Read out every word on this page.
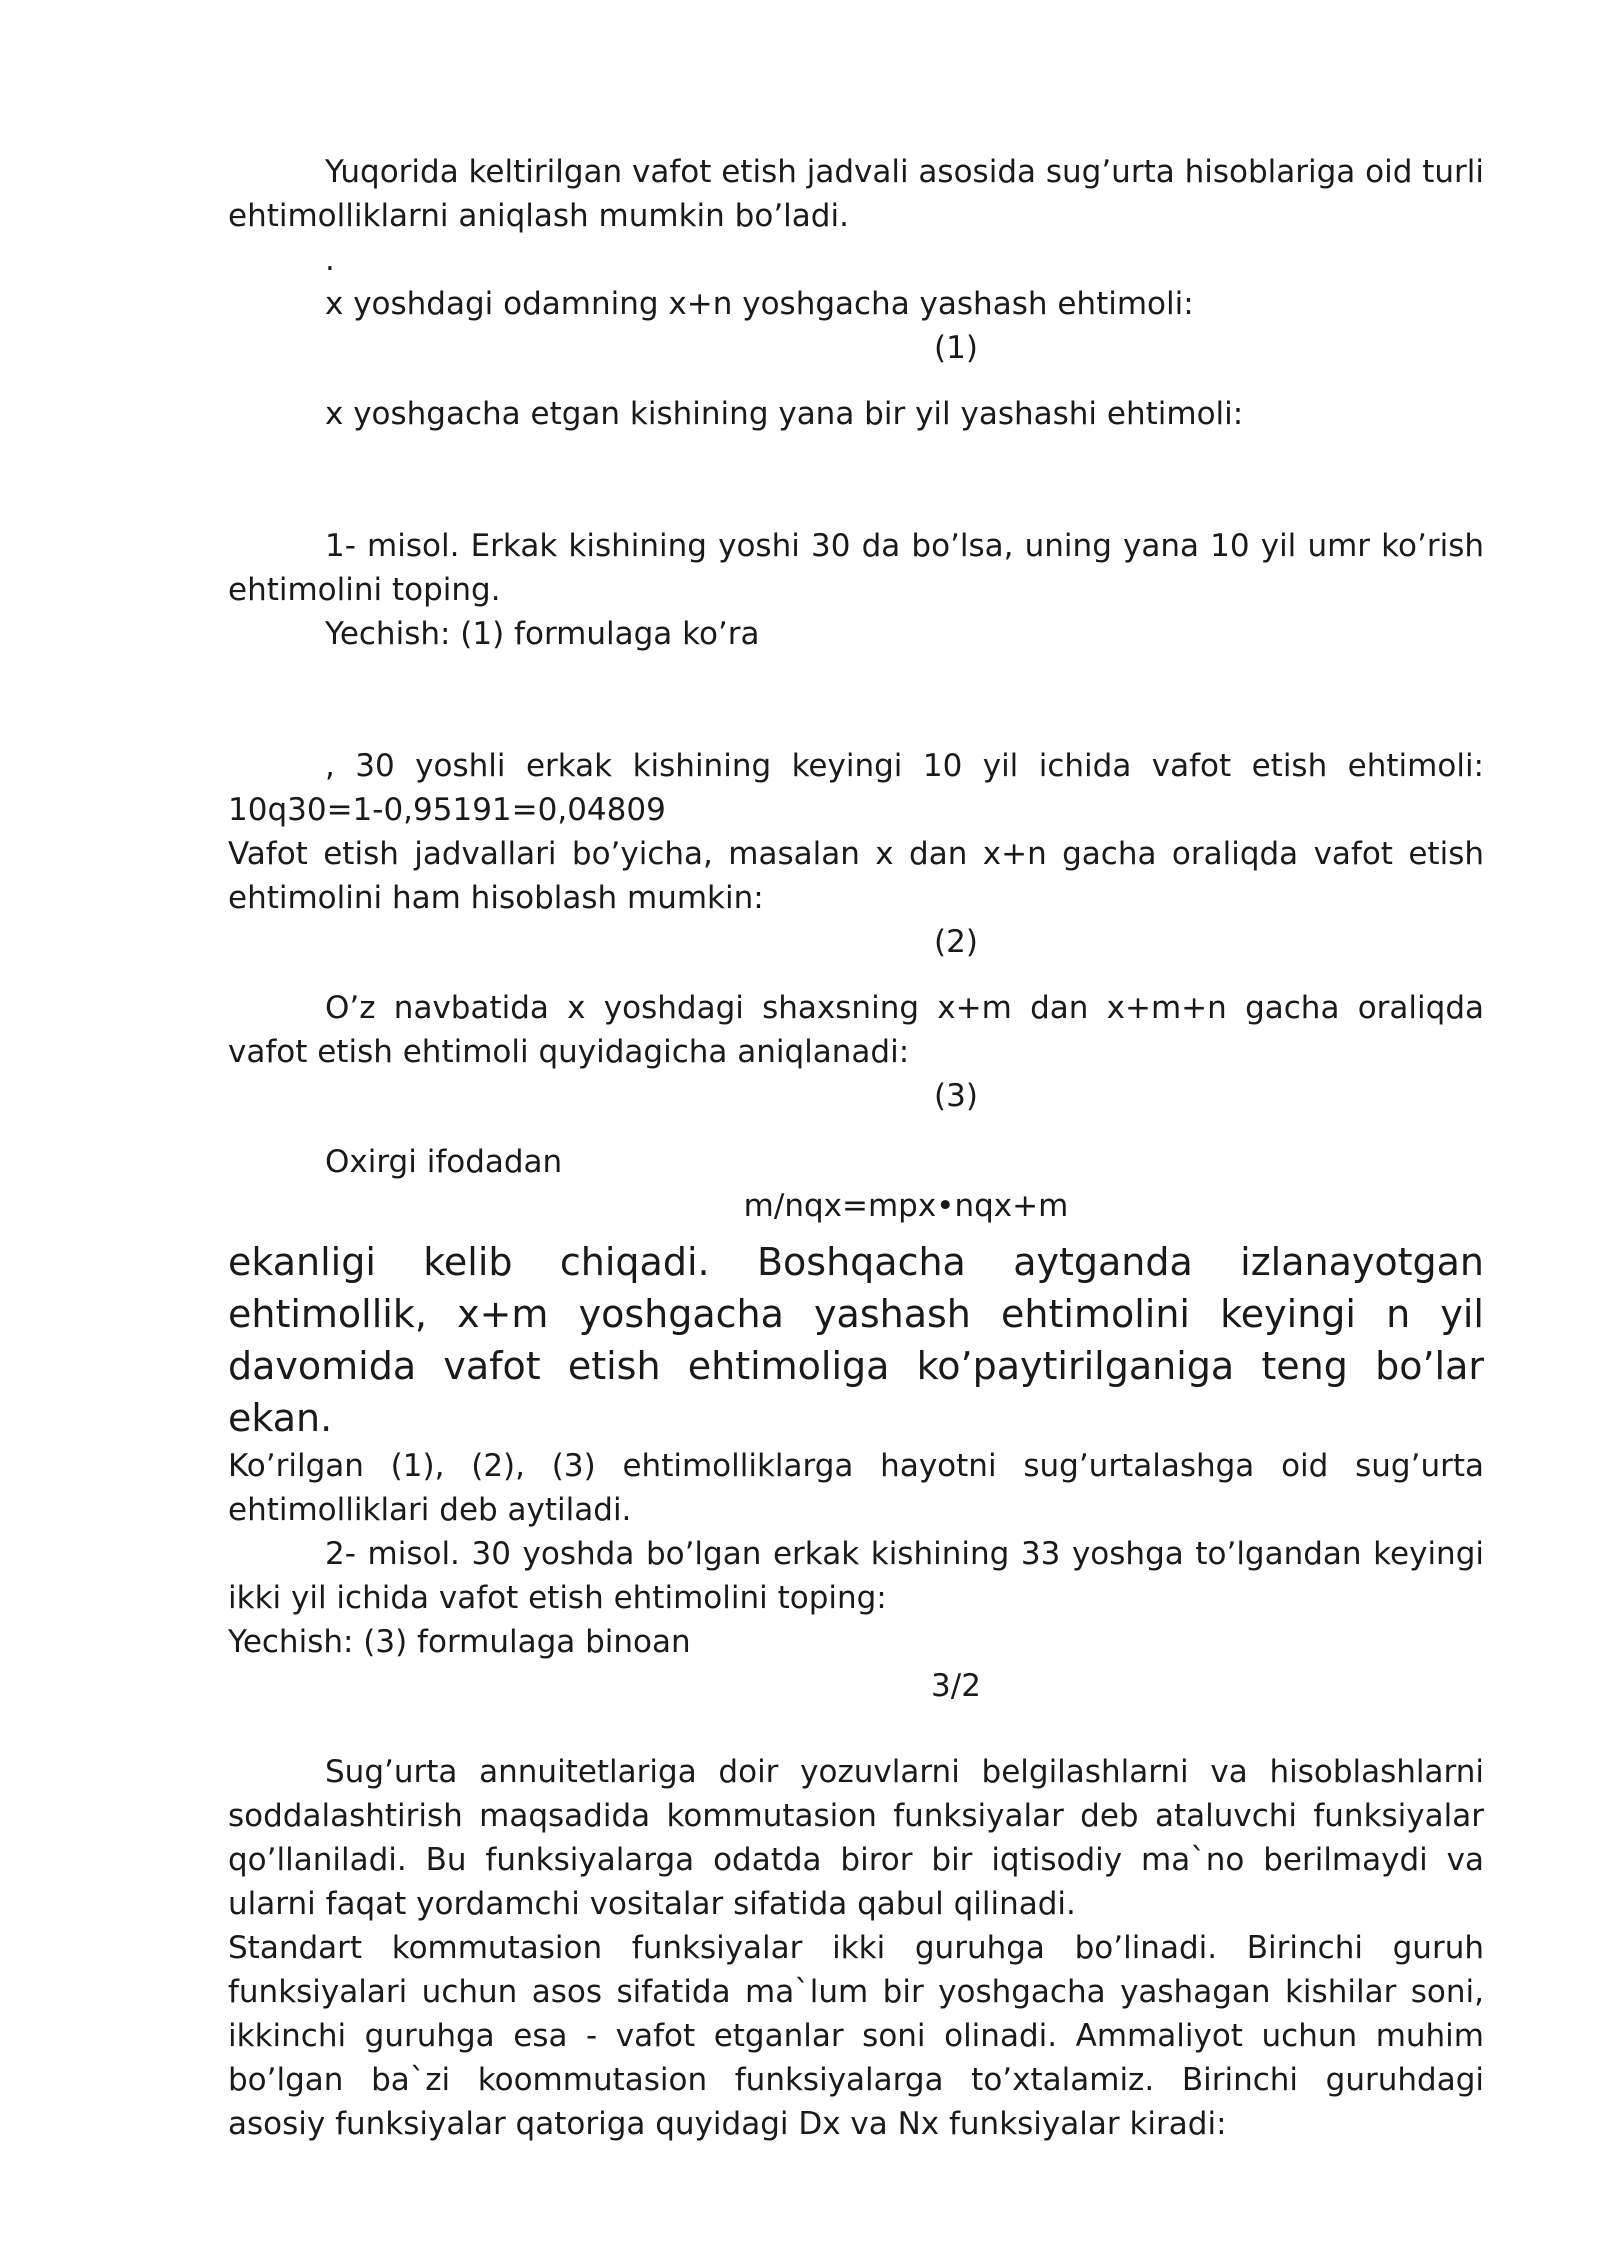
Yuqorida keltirilgan vafot etish jadvali asosida sug’urta hisoblariga oid turli ehtimolliklarni aniqlash mumkin bo’ladi.

.

x yoshdagi odamning x+n yoshgacha yashash ehtimoli:

(1)

x yoshgacha etgan kishining yana bir yil yashashi ehtimoli:

1- misol. Erkak kishining yoshi 30 da bo’lsa, uning yana 10 yil umr ko’rish ehtimolini toping.

Yechish: (1) formulaga ko’ra

, 30 yoshli erkak kishining keyingi 10 yil ichida vafot etish ehtimoli: 10q30=1-0,95191=0,04809

Vafot etish jadvallari bo’yicha, masalan x dan x+n gacha oraliqda vafot etish ehtimolini ham hisoblash mumkin:

(2)

O’z navbatida x yoshdagi shaxsning x+m dan x+m+n gacha oraliqda vafot etish ehtimoli quyidagicha aniqlanadi:

(3)

Oxirgi ifodadan

m/nqx=mpx•nqx+m

ekanligi kelib chiqadi. Boshqacha aytganda izlanayotgan ehtimollik, x+m yoshgacha yashash ehtimolini keyingi n yil davomida vafot etish ehtimoliga ko’paytirilganiga teng bo’lar ekan.

Ko’rilgan (1), (2), (3) ehtimolliklarga hayotni sug’urtalashga oid sug’urta ehtimolliklari deb aytiladi.

2- misol. 30 yoshda bo’lgan erkak kishining 33 yoshga to’lgandan keyingi ikki yil ichida vafot etish ehtimolini toping:

Yechish: (3) formulaga binoan

3/2

Sug’urta annuitetlariga doir yozuvlarni belgilashlarni va hisoblashlarni soddalashtirish maqsadida kommutasion funksiyalar deb ataluvchi funksiyalar qo’llaniladi. Bu funksiyalarga odatda biror bir iqtisodiy ma`no berilmaydi va ularni faqat yordamchi vositalar sifatida qabul qilinadi.

Standart kommutasion funksiyalar ikki guruhga bo’linadi. Birinchi guruh funksiyalari uchun asos sifatida ma`lum bir yoshgacha yashagan kishilar soni, ikkinchi guruhga esa - vafot etganlar soni olinadi. Ammaliyot uchun muhim bo’lgan ba`zi koommutasion funksiyalarga to’xtalamiz. Birinchi guruhdagi asosiy funksiyalar qatoriga quyidagi Dx va Nx funksiyalar kiradi:
